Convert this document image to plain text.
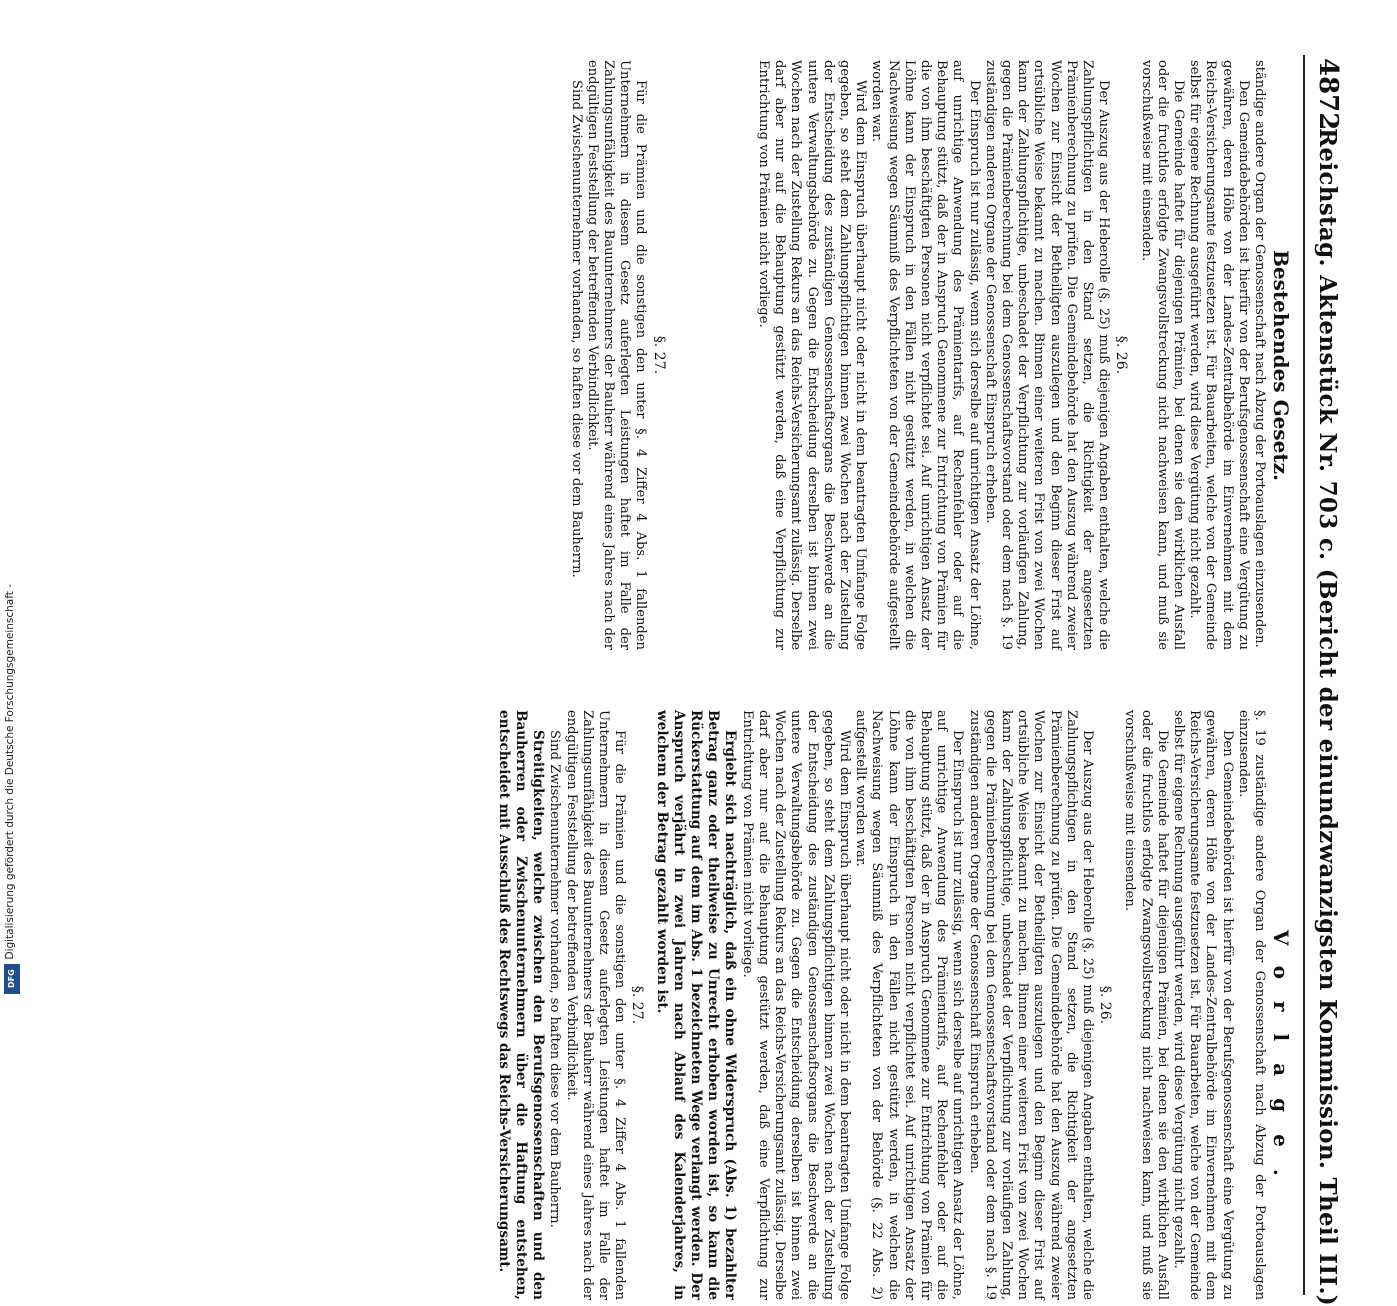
Digitalisierung gefördert durch die Deutsche Forschungsgemeinschaft -
DFG
4872
Reichstag. Aktenstück Nr. 703 c. (Bericht der einundzwanzigsten Kommission. Theil III.)
Bestehendes Gesetz.
Vorlage.

ständige andere Organ der Genossenschaft nach Abzug der Portoauslagen einzusenden.

Den Gemeindebehörden ist hierfür von der Berufsgenossenschaft eine Vergütung zu gewähren, deren Höhe von der Landes-Zentralbehörde im Einvernehmen mit dem Reichs-Versicherungsamte festzusetzen ist. Für Bauarbeiten, welche von der Gemeinde selbst für eigene Rechnung ausgeführt werden, wird diese Vergütung nicht gezahlt.

Die Gemeinde haftet für diejenigen Prämien, bei denen sie den wirklichen Ausfall oder die fruchtlos erfolgte Zwangsvollstreckung nicht nachweisen kann, und muß sie vorschußweise mit einsenden.

§. 26.

Der Auszug aus der Heberolle (§. 25) muß diejenigen Angaben enthalten, welche die Zahlungspflichtigen in den Stand setzen, die Richtigkeit der angesetzten Prämienberechnung zu prüfen. Die Gemeindebehörde hat den Auszug während zweier Wochen zur Einsicht der Betheiligten auszulegen und den Beginn dieser Frist auf ortsübliche Weise bekannt zu machen. Binnen einer weiteren Frist von zwei Wochen kann der Zahlungspflichtige, unbeschadet der Verpflichtung zur vorläufigen Zahlung, gegen die Prämienberechnung bei dem Genossenschaftsvorstand oder dem nach §. 19 zuständigen anderen Organe der Genossenschaft Einspruch erheben.

Der Einspruch ist nur zulässig, wenn sich derselbe auf unrichtigen Ansatz der Löhne, auf unrichtige Anwendung des Prämientarifs, auf Rechenfehler oder auf die Behauptung stützt, daß der in Anspruch Genommene zur Entrichtung von Prämien für die von ihm beschäftigten Personen nicht verpflichtet sei. Auf unrichtigen Ansatz der Löhne kann der Einspruch in den Fällen nicht gestützt werden, in welchen die Nachweisung wegen Säumniß des Verpflichteten von der Gemeindebehörde aufgestellt worden war.

Wird dem Einspruch überhaupt nicht oder nicht in dem beantragten Umfange Folge gegeben, so steht dem Zahlungspflichtigen binnen zwei Wochen nach der Zustellung der Entscheidung des zuständigen Genossenschaftsorgans die Beschwerde an die untere Verwaltungsbehörde zu. Gegen die Entscheidung derselben ist binnen zwei Wochen nach der Zustellung Rekurs an das Reichs-Versicherungsamt zulässig. Derselbe darf aber nur auf die Behauptung gestützt werden, daß eine Verpflichtung zur Entrichtung von Prämien nicht vorliege.

§. 27.

Für die Prämien und die sonstigen den unter §. 4 Ziffer 4 Abs. 1 fallenden Unternehmern in diesem Gesetz auferlegten Leistungen haftet im Falle der Zahlungsunfähigkeit des Bauunternehmers der Bauherr während eines Jahres nach der endgültigen Feststellung der betreffenden Verbindlichkeit.

Sind Zwischenunternehmer vorhanden, so haften diese vor dem Bauherrn.

§. 19 zuständige andere Organ der Genossenschaft nach Abzug der Portoauslagen einzusenden.

Den Gemeindebehörden ist hierfür von der Berufsgenossenschaft eine Vergütung zu gewähren, deren Höhe von der Landes-Zentralbehörde im Einvernehmen mit dem Reichs-Versicherungsamte festzusetzen ist. Für Bauarbeiten, welche von der Gemeinde selbst für eigene Rechnung ausgeführt werden, wird diese Vergütung nicht gezahlt.

Die Gemeinde haftet für diejenigen Prämien, bei denen sie den wirklichen Ausfall oder die fruchtlos erfolgte Zwangsvollstreckung nicht nachweisen kann, und muß sie vorschußweise mit einsenden.

§. 26.

Der Auszug aus der Heberolle (§. 25) muß diejenigen Angaben enthalten, welche die Zahlungspflichtigen in den Stand setzen, die Richtigkeit der angesetzten Prämienberechnung zu prüfen. Die Gemeindebehörde hat den Auszug während zweier Wochen zur Einsicht der Betheiligten auszulegen und den Beginn dieser Frist auf ortsübliche Weise bekannt zu machen. Binnen einer weiteren Frist von zwei Wochen kann der Zahlungspflichtige, unbeschadet der Verpflichtung zur vorläufigen Zahlung, gegen die Prämienberechnung bei dem Genossenschaftsvorstand oder dem nach §. 19 zuständigen anderen Organe der Genossenschaft Einspruch erheben.

Der Einspruch ist nur zulässig, wenn sich derselbe auf unrichtigen Ansatz der Löhne, auf unrichtige Anwendung des Prämientarifs, auf Rechenfehler oder auf die Behauptung stützt, daß der in Anspruch Genommene zur Entrichtung von Prämien für die von ihm beschäftigten Personen nicht verpflichtet sei. Auf unrichtigen Ansatz der Löhne kann der Einspruch in den Fällen nicht gestützt werden, in welchen die Nachweisung wegen Säumniß des Verpflichteten von der Behörde (§. 22 Abs. 2) aufgestellt worden war.

Wird dem Einspruch überhaupt nicht oder nicht in dem beantragten Umfange Folge gegeben, so steht dem Zahlungspflichtigen binnen zwei Wochen nach der Zustellung der Entscheidung des zuständigen Genossenschaftsorgans die Beschwerde an die untere Verwaltungsbehörde zu. Gegen die Entscheidung derselben ist binnen zwei Wochen nach der Zustellung Rekurs an das Reichs-Versicherungsamt zulässig. Derselbe darf aber nur auf die Behauptung gestützt werden, daß eine Verpflichtung zur Entrichtung von Prämien nicht vorliege.

Ergiebt sich nachträglich, daß ein ohne Widerspruch (Abs. 1) bezahlter Betrag ganz oder theilweise zu Unrecht erhoben worden ist, so kann die Rückerstattung auf dem im Abs. 1 bezeichneten Wege verlangt werden. Der Anspruch verjährt in zwei Jahren nach Ablauf des Kalenderjahres, in welchem der Betrag gezahlt worden ist.

§. 27.

Für die Prämien und die sonstigen den unter §. 4 Ziffer 4 Abs. 1 fallenden Unternehmern in diesem Gesetz auferlegten Leistungen haftet im Falle der Zahlungsunfähigkeit des Bauunternehmers der Bauherr während eines Jahres nach der endgültigen Feststellung der betreffenden Verbindlichkeit.

Sind Zwischenunternehmer vorhanden, so haften diese vor dem Bauherrn.

Streitigkeiten, welche zwischen den Berufsgenossenschaften und den Bauherren oder Zwischenunternehmern über die Haftung entstehen, entscheidet mit Ausschluß des Rechtswegs das Reichs-Versicherungsamt.
